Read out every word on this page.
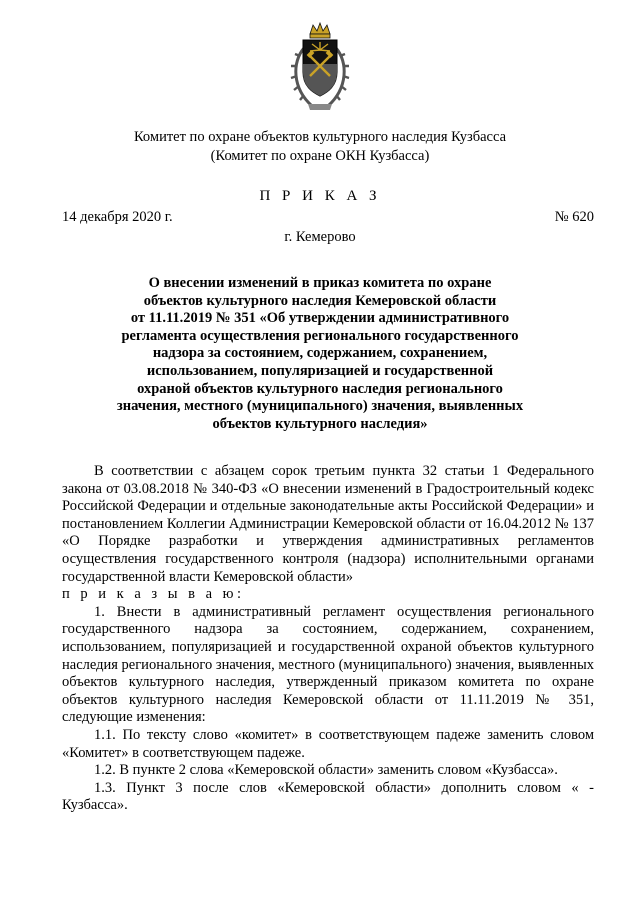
Комитет по охране объектов культурного наследия Кузбасса
(Комитет по охране ОКН Кузбасса)
П Р И К А З
14 декабря 2020 г.	№ 620
г. Кемерово
О внесении изменений в приказ комитета по охране
объектов культурного наследия Кемеровской области
от 11.11.2019 № 351 «Об утверждении административного
регламента осуществления регионального государственного
надзора за состоянием, содержанием, сохранением,
использованием, популяризацией и государственной
охраной объектов культурного наследия регионального
значения, местного (муниципального) значения, выявленных
объектов культурного наследия»

В соответствии с абзацем сорок третьим пункта 32 статьи 1 Федерального закона от 03.08.2018 № 340-ФЗ «О внесении изменений в Градостроительный кодекс Российской Федерации и отдельные законодательные акты Российской Федерации» и постановлением Коллегии Администрации Кемеровской области от 16.04.2012 № 137 «О Порядке разработки и утверждения административных регламентов осуществления государственного контроля (надзора) исполнительными органами государственной власти Кемеровской области»

п р и к а з ы в а ю:

1. Внести в административный регламент осуществления регионального государственного надзора за состоянием, содержанием, сохранением, использованием, популяризацией и государственной охраной объектов культурного наследия регионального значения, местного (муниципального) значения, выявленных объектов культурного наследия, утвержденный приказом комитета по охране объектов культурного наследия Кемеровской области от 11.11.2019 № 351, следующие изменения:

1.1. По тексту слово «комитет» в соответствующем падеже заменить словом «Комитет» в соответствующем падеже.

1.2. В пункте 2 слова «Кемеровской области» заменить словом «Кузбасса».

1.3. Пункт 3 после слов «Кемеровской области» дополнить словом « - Кузбасса».
